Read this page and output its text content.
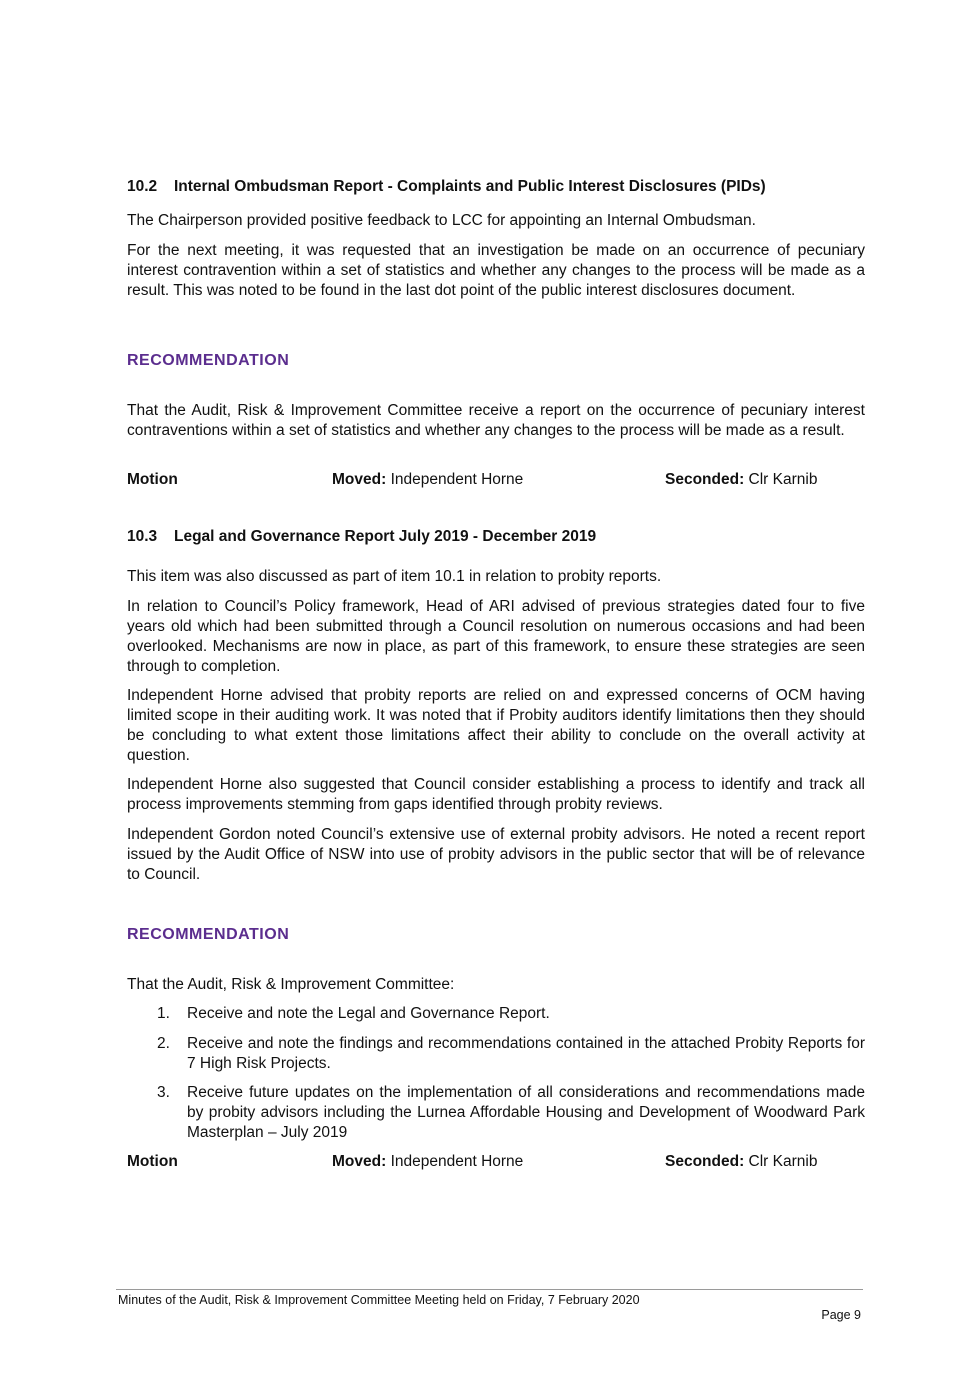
10.2 Internal Ombudsman Report - Complaints and Public Interest Disclosures (PIDs)

The Chairperson provided positive feedback to LCC for appointing an Internal Ombudsman.

For the next meeting, it was requested that an investigation be made on an occurrence of pecuniary interest contravention within a set of statistics and whether any changes to the process will be made as a result. This was noted to be found in the last dot point of the public interest disclosures document.

RECOMMENDATION

That the Audit, Risk & Improvement Committee receive a report on the occurrence of pecuniary interest contraventions within a set of statistics and whether any changes to the process will be made as a result.

Motion	Moved: Independent Horne	Seconded: Clr Karnib
10.3 Legal and Governance Report July 2019 - December 2019

This item was also discussed as part of item 10.1 in relation to probity reports.

In relation to Council’s Policy framework, Head of ARI advised of previous strategies dated four to five years old which had been submitted through a Council resolution on numerous occasions and had been overlooked. Mechanisms are now in place, as part of this framework, to ensure these strategies are seen through to completion.

Independent Horne advised that probity reports are relied on and expressed concerns of OCM having limited scope in their auditing work. It was noted that if Probity auditors identify limitations then they should be concluding to what extent those limitations affect their ability to conclude on the overall activity at question.

Independent Horne also suggested that Council consider establishing a process to identify and track all process improvements stemming from gaps identified through probity reviews.

Independent Gordon noted Council’s extensive use of external probity advisors. He noted a recent report issued by the Audit Office of NSW into use of probity advisors in the public sector that will be of relevance to Council.

RECOMMENDATION

That the Audit, Risk & Improvement Committee:

1. Receive and note the Legal and Governance Report.
2. Receive and note the findings and recommendations contained in the attached Probity Reports for 7 High Risk Projects.
3. Receive future updates on the implementation of all considerations and recommendations made by probity advisors including the Lurnea Affordable Housing and Development of Woodward Park Masterplan – July 2019
Motion	Moved: Independent Horne	Seconded: Clr Karnib
Minutes of the Audit, Risk & Improvement Committee Meeting held on Friday, 7 February 2020
Page 9
